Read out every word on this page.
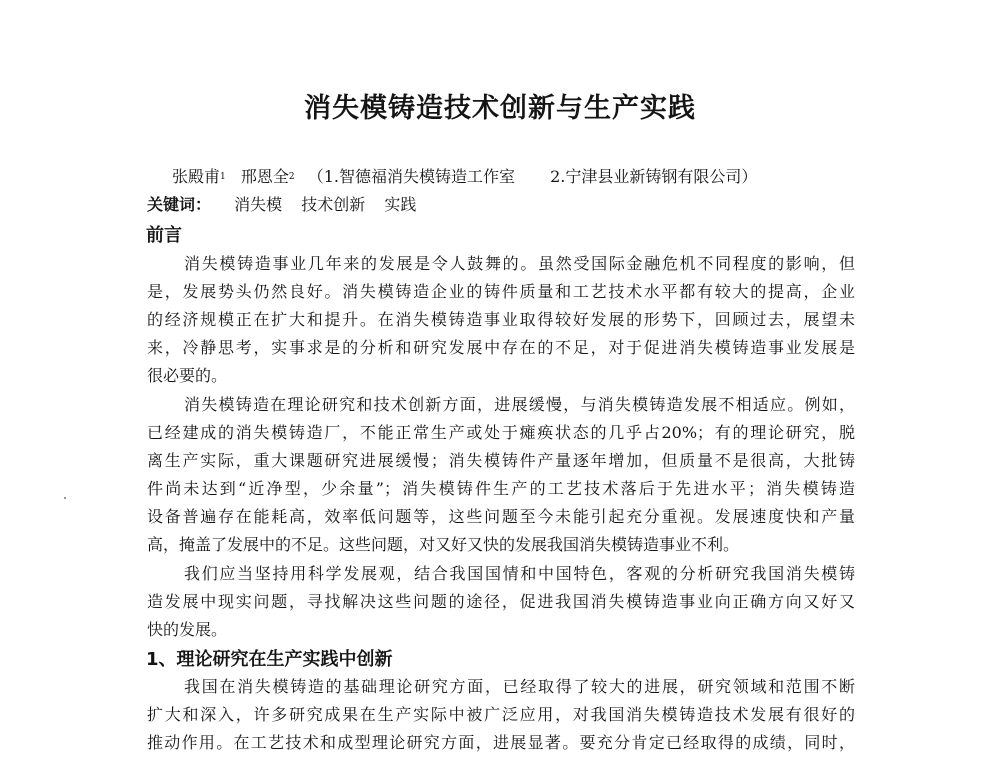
消失模铸造技术创新与生产实践
张殿甫$^1$ 邢恩全$^2$ （1.智德福消失模铸造工作室 2.宁津县业新铸钢有限公司）
关键词： 消失模 技术创新 实践
前言
消失模铸造事业几年来的发展是令人鼓舞的。虽然受国际金融危机不同程度的影响，但
是，发展势头仍然良好。消失模铸造企业的铸件质量和工艺技术水平都有较大的提高，企业
的经济规模正在扩大和提升。在消失模铸造事业取得较好发展的形势下，回顾过去，展望未
来，冷静思考，实事求是的分析和研究发展中存在的不足，对于促进消失模铸造事业发展是
很必要的。
消失模铸造在理论研究和技术创新方面，进展缓慢，与消失模铸造发展不相适应。例如，
已经建成的消失模铸造厂，不能正常生产或处于瘫痪状态的几乎占20%；有的理论研究，脱
离生产实际，重大课题研究进展缓慢；消失模铸件产量逐年增加，但质量不是很高，大批铸
件尚未达到“近净型，少余量”；消失模铸件生产的工艺技术落后于先进水平；消失模铸造
设备普遍存在能耗高，效率低问题等，这些问题至今未能引起充分重视。发展速度快和产量
高，掩盖了发展中的不足。这些问题，对又好又快的发展我国消失模铸造事业不利。
我们应当坚持用科学发展观，结合我国国情和中国特色，客观的分析研究我国消失模铸
造发展中现实问题，寻找解决这些问题的途径，促进我国消失模铸造事业向正确方向又好又
快的发展。
1、理论研究在生产实践中创新
我国在消失模铸造的基础理论研究方面，已经取得了较大的进展，研究领域和范围不断
扩大和深入，许多研究成果在生产实际中被广泛应用，对我国消失模铸造技术发展有很好的
推动作用。在工艺技术和成型理论研究方面，进展显著。要充分肯定已经取得的成绩，同时，
